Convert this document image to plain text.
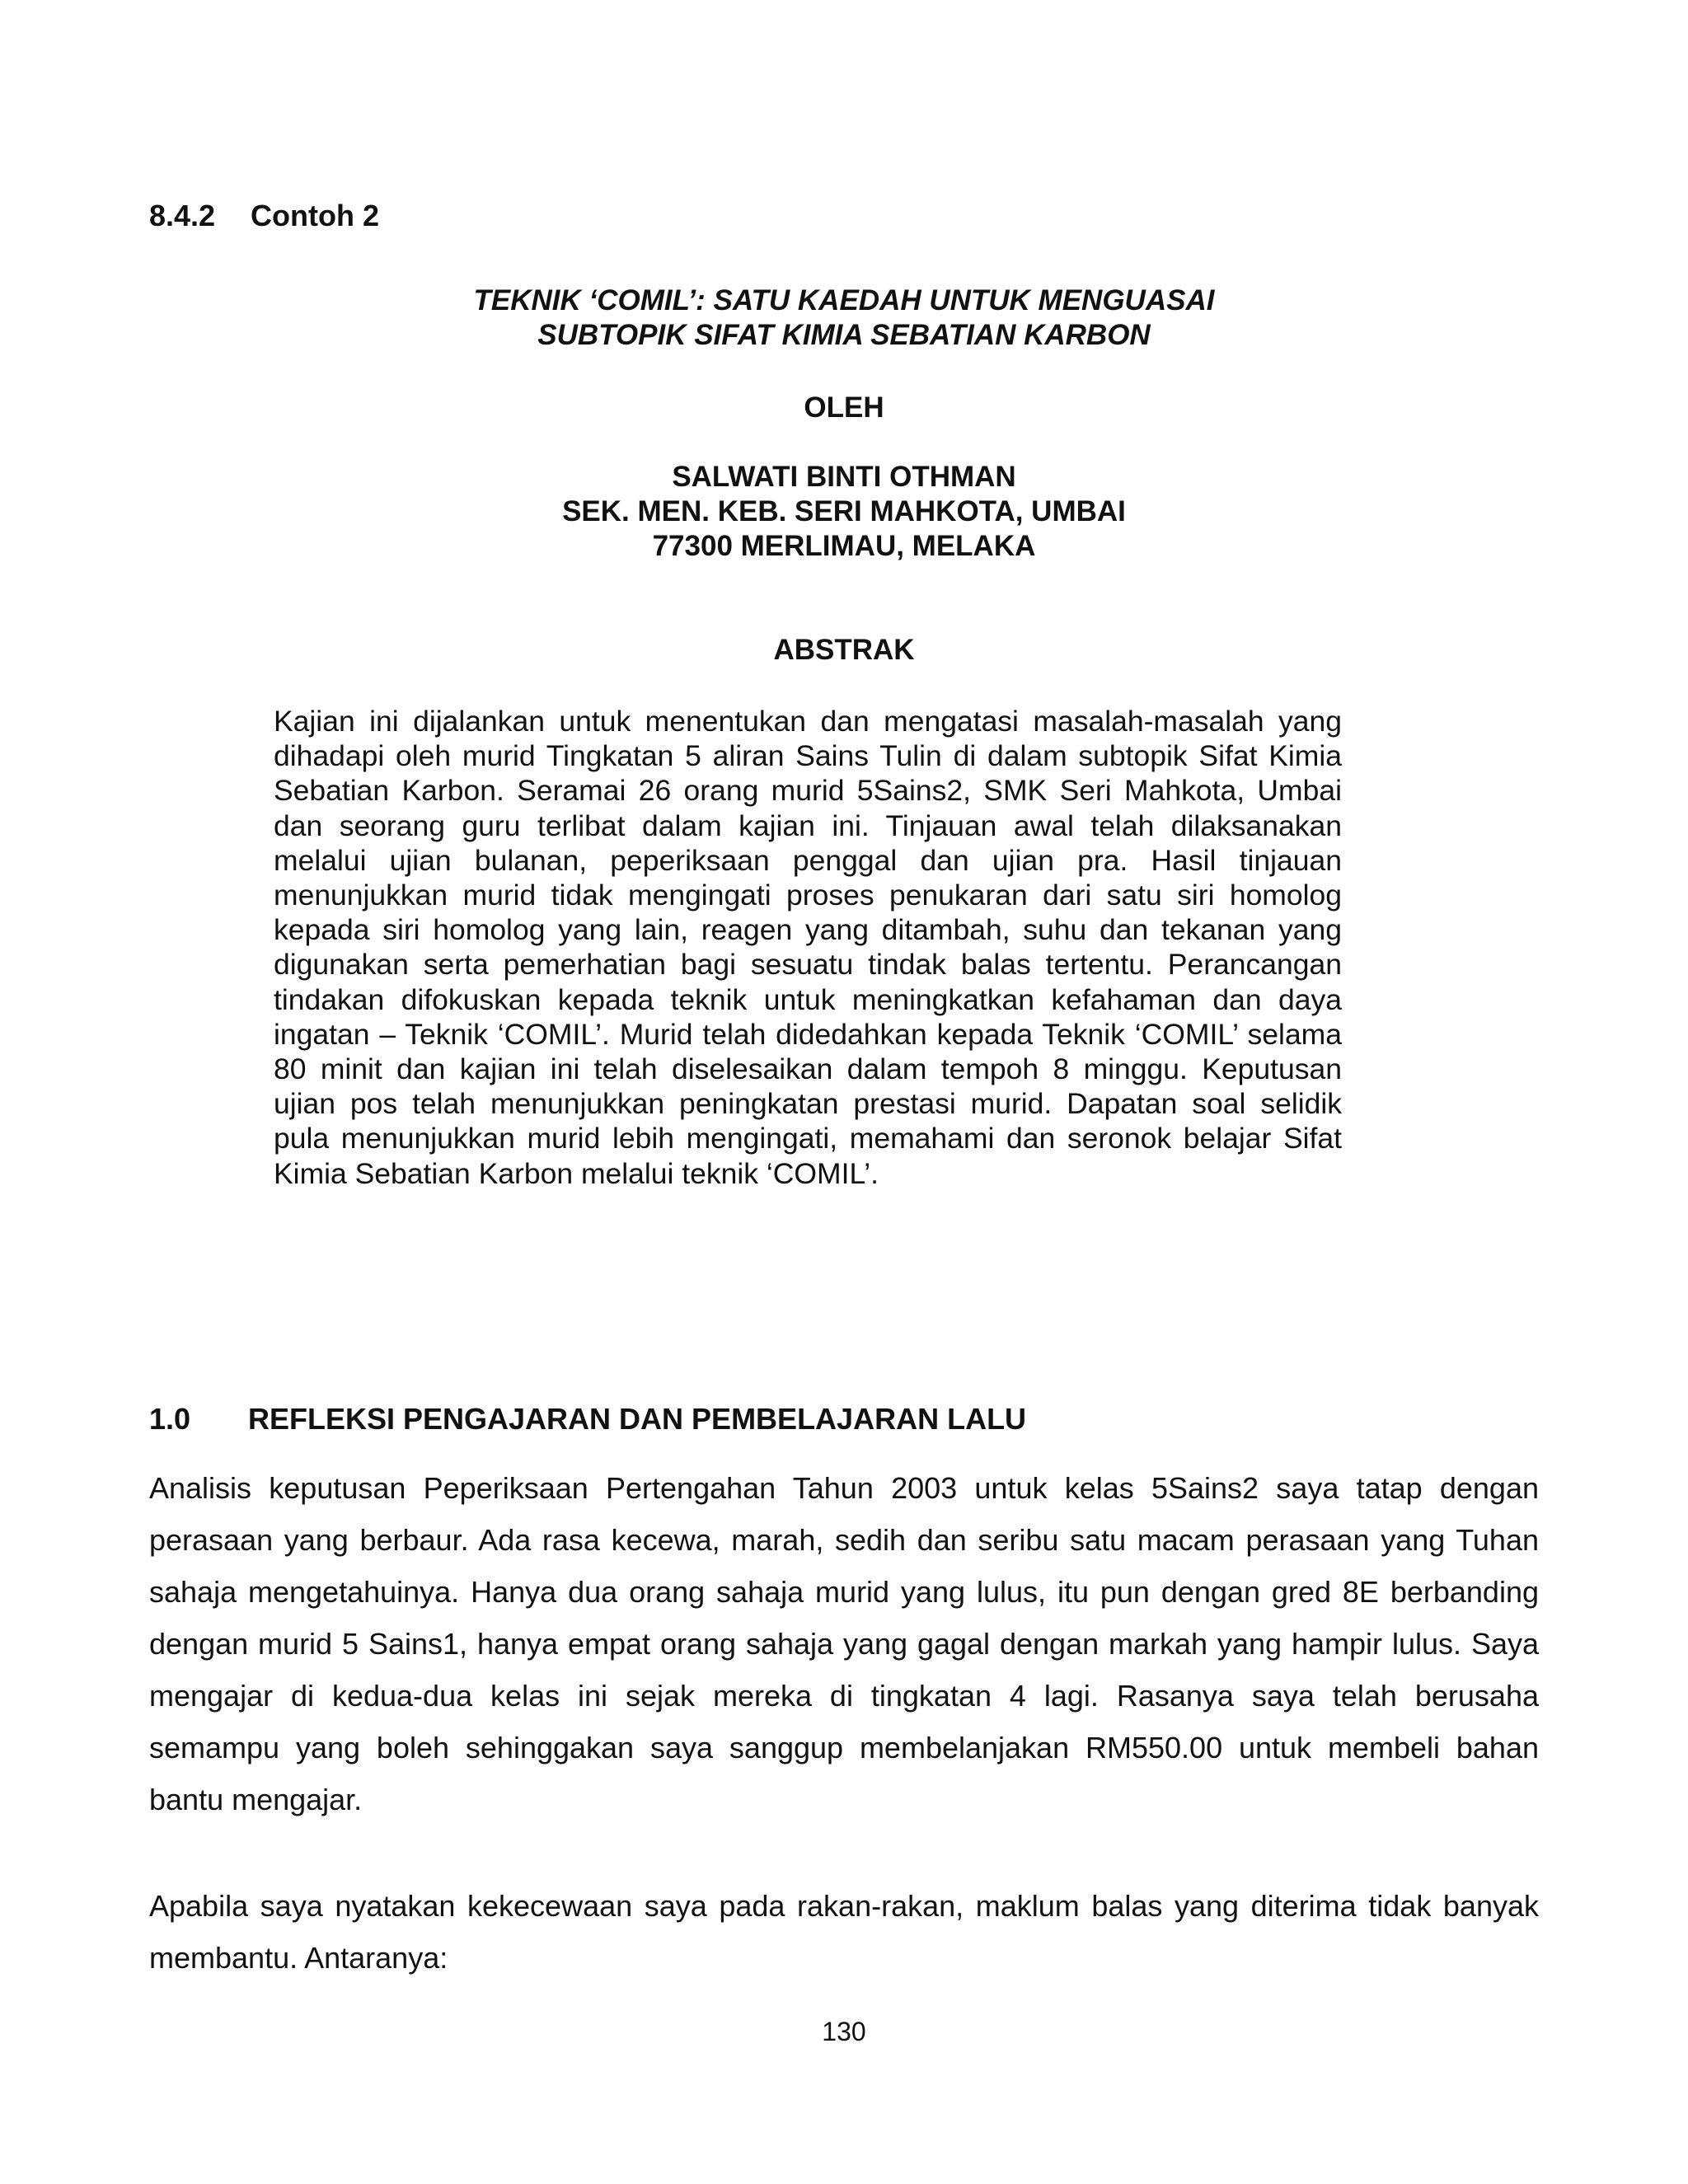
8.4.2 Contoh 2

TEKNIK ‘COMIL’: SATU KAEDAH UNTUK MENGUASAI
SUBTOPIK SIFAT KIMIA SEBATIAN KARBON

OLEH

SALWATI BINTI OTHMAN
SEK. MEN. KEB. SERI MAHKOTA, UMBAI
77300 MERLIMAU, MELAKA
ABSTRAK

Kajian ini dijalankan untuk menentukan dan mengatasi masalah-masalah yang dihadapi oleh murid Tingkatan 5 aliran Sains Tulin di dalam subtopik Sifat Kimia Sebatian Karbon. Seramai 26 orang murid 5Sains2, SMK Seri Mahkota, Umbai dan seorang guru terlibat dalam kajian ini. Tinjauan awal telah dilaksanakan melalui ujian bulanan, peperiksaan penggal dan ujian pra. Hasil tinjauan menunjukkan murid tidak mengingati proses penukaran dari satu siri homolog kepada siri homolog yang lain, reagen yang ditambah, suhu dan tekanan yang digunakan serta pemerhatian bagi sesuatu tindak balas tertentu. Perancangan tindakan difokuskan kepada teknik untuk meningkatkan kefahaman dan daya ingatan – Teknik ‘COMIL’. Murid telah didedahkan kepada Teknik ‘COMIL’ selama 80 minit dan kajian ini telah diselesaikan dalam tempoh 8 minggu. Keputusan ujian pos telah menunjukkan peningkatan prestasi murid. Dapatan soal selidik pula menunjukkan murid lebih mengingati, memahami dan seronok belajar Sifat Kimia Sebatian Karbon melalui teknik ‘COMIL’.

1.0 REFLEKSI PENGAJARAN DAN PEMBELAJARAN LALU

Analisis keputusan Peperiksaan Pertengahan Tahun 2003 untuk kelas 5Sains2 saya tatap dengan perasaan yang berbaur. Ada rasa kecewa, marah, sedih dan seribu satu macam perasaan yang Tuhan sahaja mengetahuinya. Hanya dua orang sahaja murid yang lulus, itu pun dengan gred 8E berbanding dengan murid 5 Sains1, hanya empat orang sahaja yang gagal dengan markah yang hampir lulus. Saya mengajar di kedua-dua kelas ini sejak mereka di tingkatan 4 lagi. Rasanya saya telah berusaha semampu yang boleh sehinggakan saya sanggup membelanjakan RM550.00 untuk membeli bahan bantu mengajar.

Apabila saya nyatakan kekecewaan saya pada rakan-rakan, maklum balas yang diterima tidak banyak membantu. Antaranya:

130
